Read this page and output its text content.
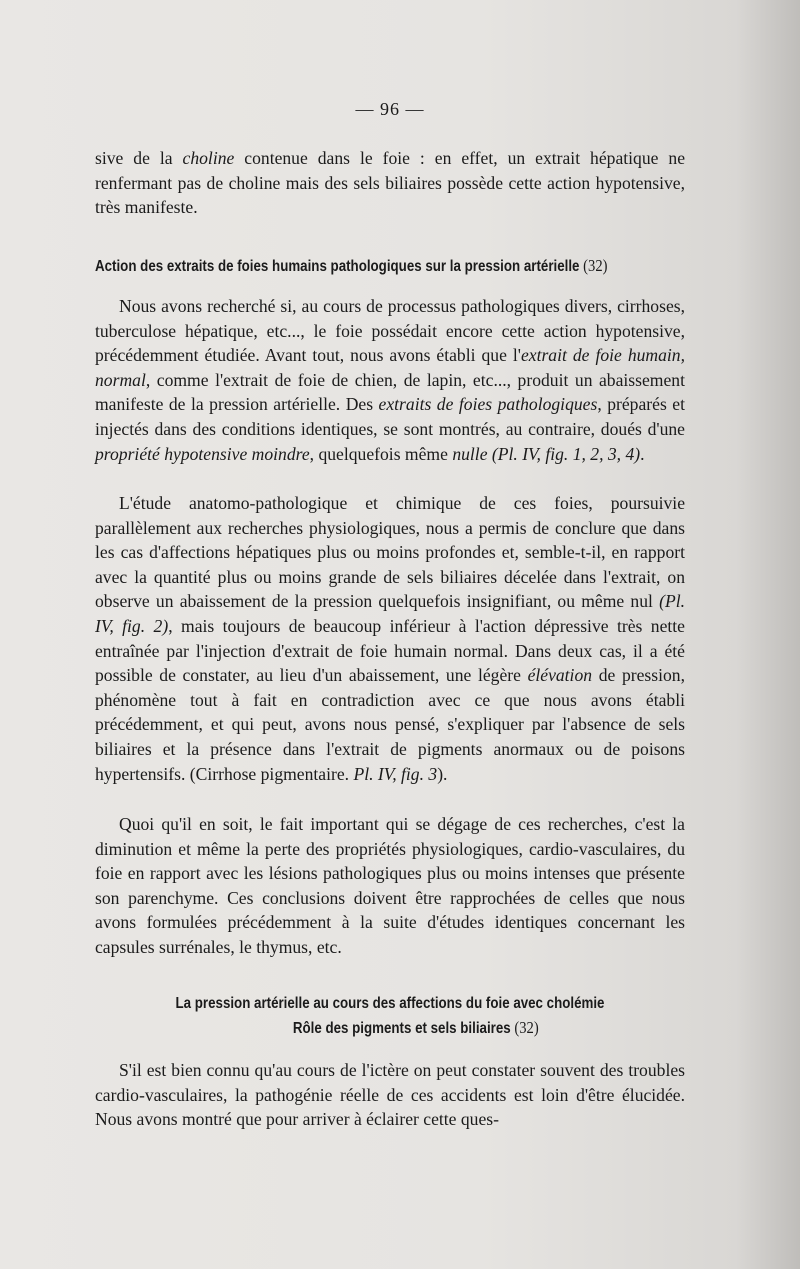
— 96 —

sive de la choline contenue dans le foie : en effet, un extrait hépatique ne renfermant pas de choline mais des sels biliaires possède cette action hypotensive, très manifeste.

Action des extraits de foies humains pathologiques sur la pression artérielle (32)

Nous avons recherché si, au cours de processus pathologiques divers, cirrhoses, tuberculose hépatique, etc..., le foie possédait encore cette action hypotensive, précédemment étudiée. Avant tout, nous avons établi que l'extrait de foie humain, normal, comme l'extrait de foie de chien, de lapin, etc..., produit un abaissement manifeste de la pression artérielle. Des extraits de foies pathologiques, préparés et injectés dans des conditions identiques, se sont montrés, au contraire, doués d'une propriété hypotensive moindre, quelquefois même nulle (Pl. IV, fig. 1, 2, 3, 4).

L'étude anatomo-pathologique et chimique de ces foies, poursuivie parallèlement aux recherches physiologiques, nous a permis de conclure que dans les cas d'affections hépatiques plus ou moins profondes et, semble-t-il, en rapport avec la quantité plus ou moins grande de sels biliaires décelée dans l'extrait, on observe un abaissement de la pression quelquefois insignifiant, ou même nul (Pl. IV, fig. 2), mais toujours de beaucoup inférieur à l'action dépressive très nette entraînée par l'injection d'extrait de foie humain normal. Dans deux cas, il a été possible de constater, au lieu d'un abaissement, une légère élévation de pression, phénomène tout à fait en contradiction avec ce que nous avons établi précédemment, et qui peut, avons nous pensé, s'expliquer par l'absence de sels biliaires et la présence dans l'extrait de pigments anormaux ou de poisons hypertensifs. (Cirrhose pigmentaire. Pl. IV, fig. 3).

Quoi qu'il en soit, le fait important qui se dégage de ces recherches, c'est la diminution et même la perte des propriétés physiologiques, cardio-vasculaires, du foie en rapport avec les lésions pathologiques plus ou moins intenses que présente son parenchyme. Ces conclusions doivent être rapprochées de celles que nous avons formulées précédemment à la suite d'études identiques concernant les capsules surrénales, le thymus, etc.

La pression artérielle au cours des affections du foie avec cholémie
Rôle des pigments et sels biliaires (32)

S'il est bien connu qu'au cours de l'ictère on peut constater souvent des troubles cardio-vasculaires, la pathogénie réelle de ces accidents est loin d'être élucidée. Nous avons montré que pour arriver à éclairer cette ques-
